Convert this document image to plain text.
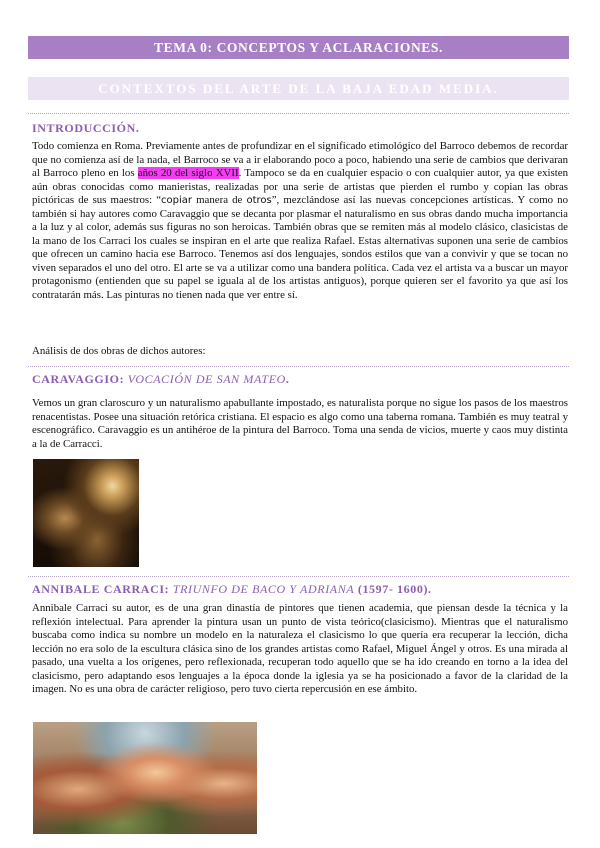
TEMA 0: CONCEPTOS Y ACLARACIONES.
CONTEXTOS DEL ARTE DE LA BAJA EDAD MEDIA.
INTRODUCCIÓN.

Todo comienza en Roma. Previamente antes de profundizar en el significado etimológico del Barroco debemos de recordar que no comienza así de la nada, el Barroco se va a ir elaborando poco a poco, habiendo una serie de cambios que derivaran al Barroco pleno en los años 20 del siglo XVII. Tampoco se da en cualquier espacio o con cualquier autor, ya que existen aún obras conocidas como manieristas, realizadas por una serie de artistas que pierden el rumbo y copian las obras pictóricas de sus maestros: “copiar manera de otros”, mezclándose así las nuevas concepciones artísticas. Y como no también si hay autores como Caravaggio que se decanta por plasmar el naturalismo en sus obras dando mucha importancia a la luz y al color, además sus figuras no son heroicas. También obras que se remiten más al modelo clásico, clasicistas de la mano de los Carraci los cuales se inspiran en el arte que realiza Rafael. Estas alternativas suponen una serie de cambios que ofrecen un camino hacia ese Barroco. Tenemos así dos lenguajes, sondos estilos que van a convivir y que se tocan no viven separados el uno del otro. El arte se va a utilizar como una bandera política. Cada vez el artista va a buscar un mayor protagonismo (entienden que su papel se iguala al de los artistas antiguos), porque quieren ser el favorito ya que así los contratarán más. Las pinturas no tienen nada que ver entre sí.

Análisis de dos obras de dichos autores:

CARAVAGGIO: VOCACIÓN DE SAN MATEO.

Vemos un gran claroscuro y un naturalismo apabullante impostado, es naturalista porque no sigue los pasos de los maestros renacentistas. Posee una situación retórica cristiana. El espacio es algo como una taberna romana. También es muy teatral y escenográfico. Caravaggio es un antihéroe de la pintura del Barroco. Toma una senda de vicios, muerte y caos muy distinta a la de Carracci.

ANNIBALE CARRACI: TRIUNFO DE BACO Y ADRIANA (1597- 1600).

Annibale Carraci su autor, es de una gran dinastía de pintores que tienen academia, que piensan desde la técnica y la reflexión intelectual. Para aprender la pintura usan un punto de vista teórico(clasicismo). Mientras que el naturalismo buscaba como indica su nombre un modelo en la naturaleza el clasicismo lo que quería era recuperar la lección, dicha lección no era solo de la escultura clásica sino de los grandes artistas como Rafael, Miguel Ángel y otros. Es una mirada al pasado, una vuelta a los orígenes, pero reflexionada, recuperan todo aquello que se ha ido creando en torno a la idea del clasicismo, pero adaptando esos lenguajes a la época donde la iglesia ya se ha posicionado a favor de la claridad de la imagen. No es una obra de carácter religioso, pero tuvo cierta repercusión en ese ámbito.
